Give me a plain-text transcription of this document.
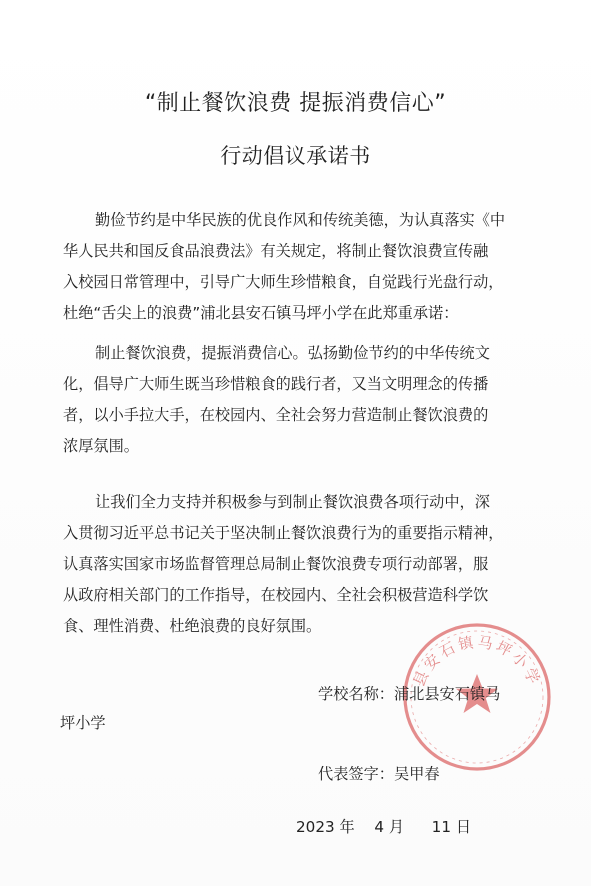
“制止餐饮浪费 提振消费信心”
行动倡议承诺书
勤俭节约是中华民族的优良作风和传统美德，为认真落实《中
华人民共和国反食品浪费法》有关规定，将制止餐饮浪费宣传融
入校园日常管理中，引导广大师生珍惜粮食，自觉践行光盘行动，
杜绝“舌尖上的浪费”浦北县安石镇马坪小学在此郑重承诺：
制止餐饮浪费，提振消费信心。弘扬勤俭节约的中华传统文
化，倡导广大师生既当珍惜粮食的践行者，又当文明理念的传播
者，以小手拉大手，在校园内、全社会努力营造制止餐饮浪费的
浓厚氛围。
让我们全力支持并积极参与到制止餐饮浪费各项行动中，深
入贯彻习近平总书记关于坚决制止餐饮浪费行为的重要指示精神，
认真落实国家市场监督管理总局制止餐饮浪费专项行动部署，服
从政府相关部门的工作指导，在校园内、全社会积极营造科学饮
食、理性消费、杜绝浪费的良好氛围。
县安石镇马坪小学
学校名称：浦北县安石镇马
坪小学
代表签字：吴甲春
2023 年 4 月 11 日
